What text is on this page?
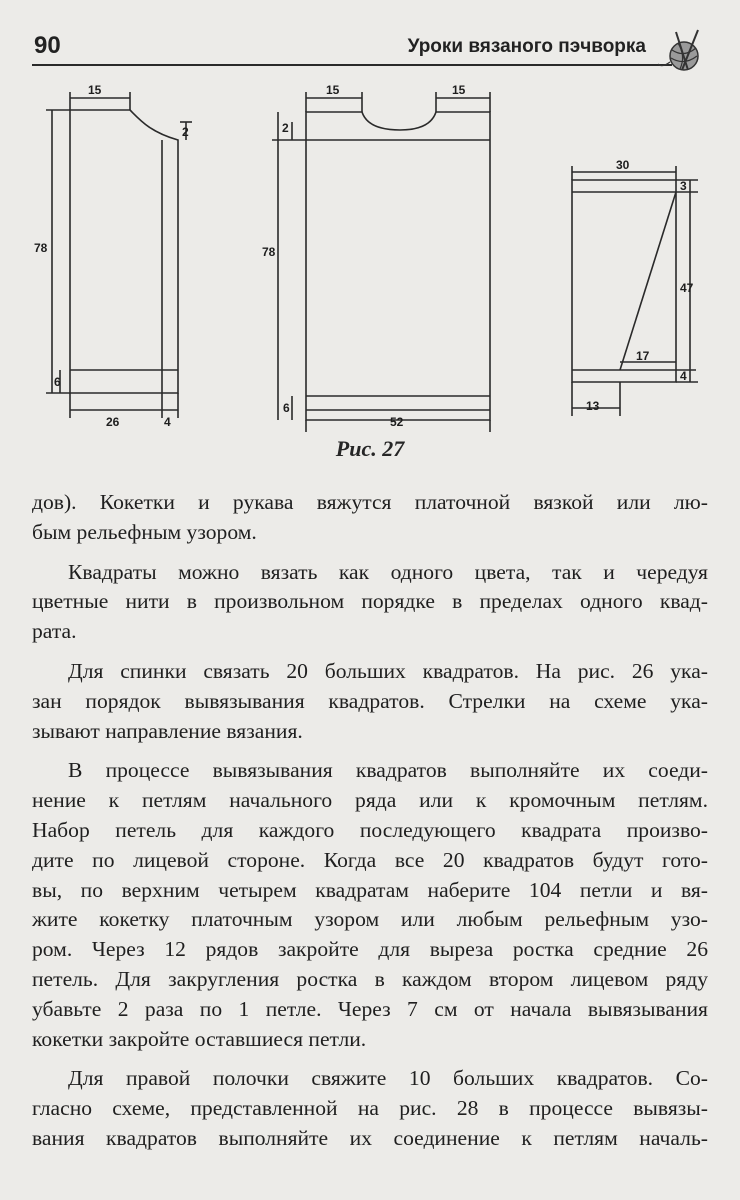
90	Уроки вязаного пэчворка
15
2
78
6
26	4
15	15
2
78
6
52
30
3
47
17
4
13
Рис. 27
дов). Кокетки и рукава вяжутся платочной вязкой или лю-
бым рельефным узором.
Квадраты можно вязать как одного цвета, так и чередуя
цветные нити в произвольном порядке в пределах одного квад-
рата.
Для спинки связать 20 больших квадратов. На рис. 26 ука-
зан порядок вывязывания квадратов. Стрелки на схеме ука-
зывают направление вязания.
В процессе вывязывания квадратов выполняйте их соеди-
нение к петлям начального ряда или к кромочным петлям.
Набор петель для каждого последующего квадрата произво-
дите по лицевой стороне. Когда все 20 квадратов будут гото-
вы, по верхним четырем квадратам наберите 104 петли и вя-
жите кокетку платочным узором или любым рельефным узо-
ром. Через 12 рядов закройте для выреза ростка средние 26
петель. Для закругления ростка в каждом втором лицевом ряду
убавьте 2 раза по 1 петле. Через 7 см от начала вывязывания
кокетки закройте оставшиеся петли.
Для правой полочки свяжите 10 больших квадратов. Со-
гласно схеме, представленной на рис. 28 в процессе вывязы-
вания квадратов выполняйте их соединение к петлям началь-
